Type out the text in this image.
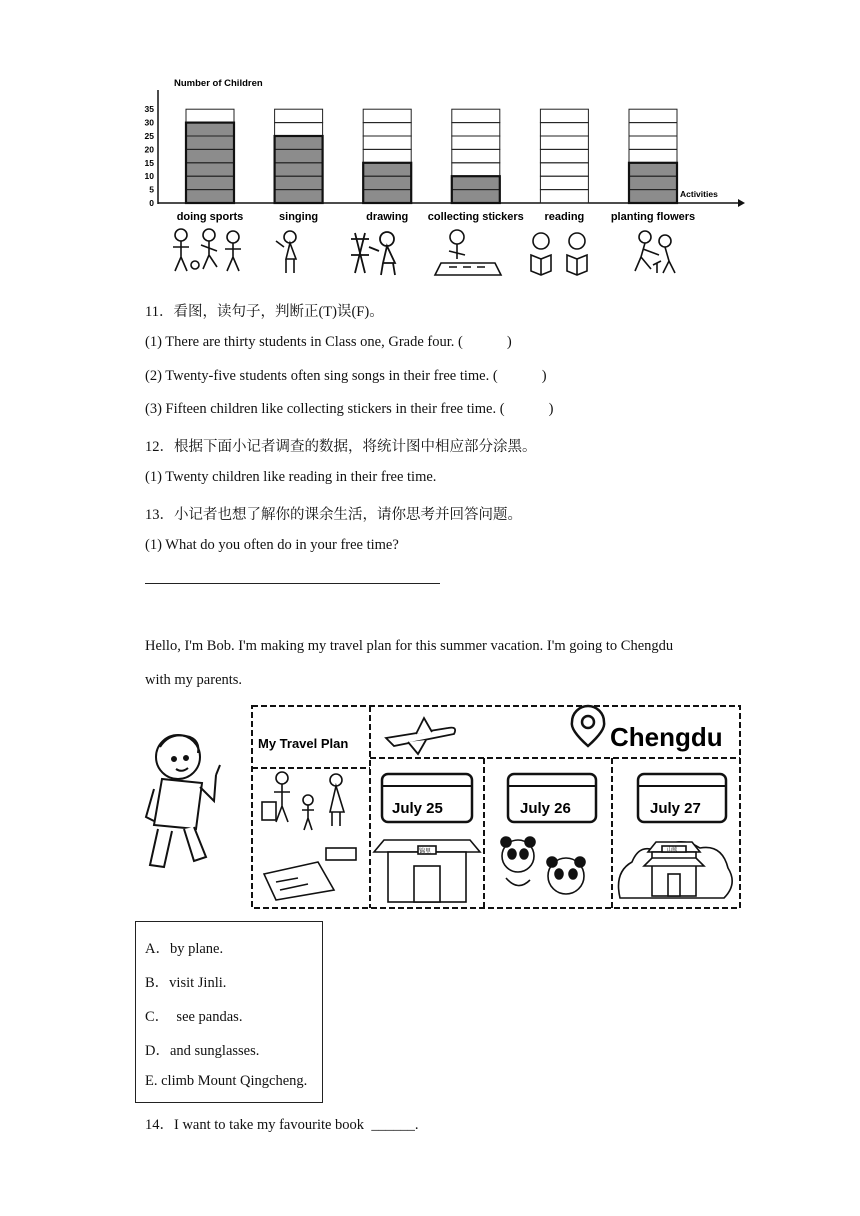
Number of Children
0
5
10
15
20
25
30
35
doing sports	singing	drawing collecting stickers reading planting flowers
Activities
11．看图，读句子，判断正(T)误(F)。
(1) There are thirty students in Class one, Grade four. (	)
(2) Twenty-five students often sing songs in their free time. (	)
(3) Fifteen children like collecting stickers in their free time. (	)
12．根据下面小记者调查的数据，将统计图中相应部分涂黑。
(1) Twenty children like reading in their free time.
13．小记者也想了解你的课余生活，请你思考并回答问题。
(1) What do you often do in your free time?
Hello, I'm Bob. I'm making my travel plan for this summer vacation. I'm going to Chengdu
with my parents.
My Travel Plan	Chengdu
July 25	July 26	July 27
锦里	山城
A．by plane.
B．visit Jinli.
C．  see pandas.
D．and sunglasses.
E. climb Mount Qingcheng.
14．I want to take my favourite book ______.
